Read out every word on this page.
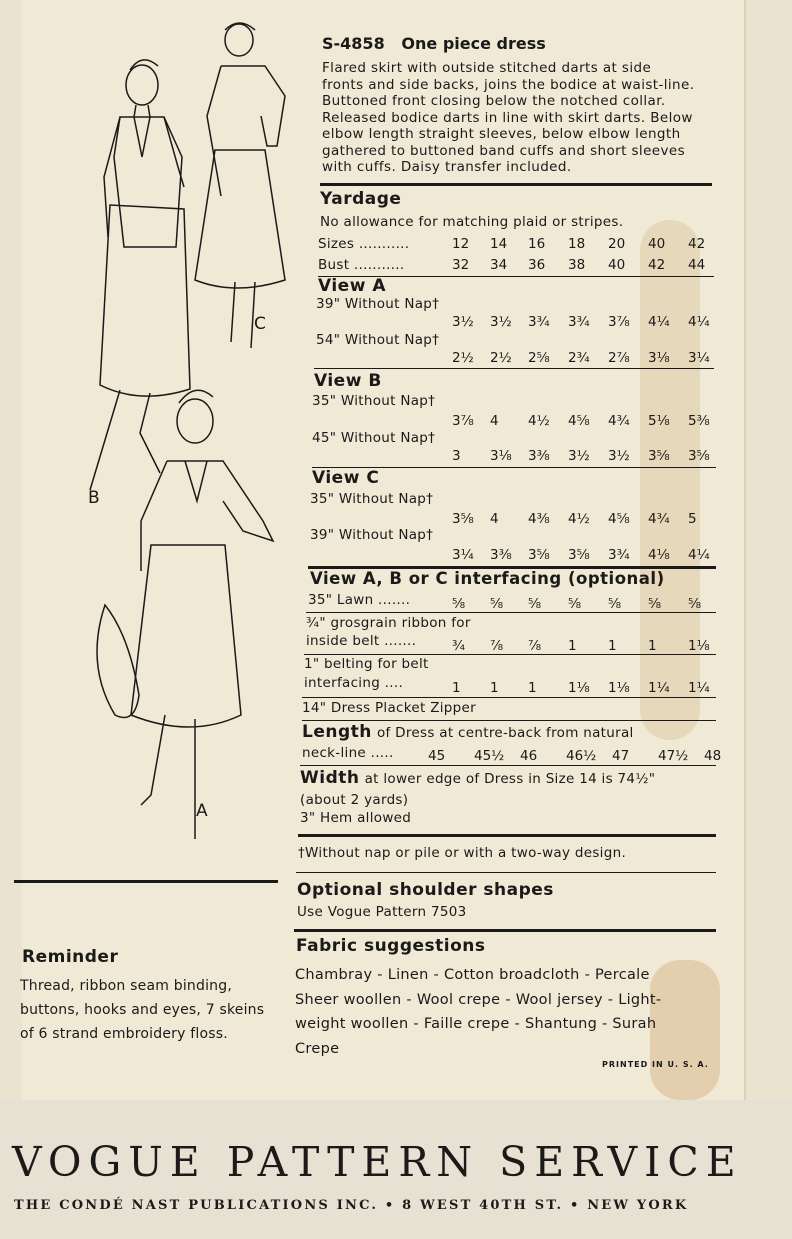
B
C
A
S-4858 One piece dress
Flared skirt with outside stitched darts at side
fronts and side backs, joins the bodice at waist-line.
Buttoned front closing below the notched collar.
Released bodice darts in line with skirt darts. Below
elbow length straight sleeves, below elbow length
gathered to buttoned band cuffs and short sleeves
with cuffs. Daisy transfer included.
Yardage
No allowance for matching plaid or stripes.
Sizes ...........
Bust ...........
View A
39" Without Nap†
54" Without Nap†
View B
35" Without Nap†
45" Without Nap†
View C
35" Without Nap†
39" Without Nap†
View A, B or C interfacing (optional)
35" Lawn .......
¾" grosgrain ribbon for
inside belt .......
1" belting for belt
interfacing ....
14" Dress Placket Zipper
Length of Dress at centre-back from natural
neck-line .....
Width at lower edge of Dress in Size 14 is 74½"
(about 2 yards)
3" Hem allowed
†Without nap or pile or with a two-way design.
Optional shoulder shapes
Use Vogue Pattern 7503
Fabric suggestions
Chambray - Linen - Cotton broadcloth - Percale
Sheer woollen - Wool crepe - Wool jersey - Light-
weight woollen - Faille crepe - Shantung - Surah
Crepe
Reminder
Thread, ribbon seam binding,
buttons, hooks and eyes, 7 skeins
of 6 strand embroidery floss.
PRINTED IN U. S. A.
VOGUE PATTERN SERVICE
THE CONDÉ NAST PUBLICATIONS INC. • 8 WEST 40TH ST. • NEW YORK
12 14 16 18 20 40 42
32 34 36 38 40 42 44
3½ 3½ 3¾ 3¾ 3⅞ 4¼ 4¼
2½ 2½ 2⅝ 2¾ 2⅞ 3⅛ 3¼
3⅞ 4 4½ 4⅝ 4¾ 5⅛ 5⅜
3 3⅛ 3⅜ 3½ 3½ 3⅝ 3⅝
3⅝ 4 4⅜ 4½ 4⅝ 4¾ 5
3¼ 3⅜ 3⅝ 3⅝ 3¾ 4⅛ 4¼
⅝ ⅝ ⅝ ⅝ ⅝ ⅝ ⅝
¾ ⅞ ⅞ 1 1 1 1⅛
1 1 1 1⅛ 1⅛ 1¼ 1¼
45 45½ 46 46½ 47 47½ 48
